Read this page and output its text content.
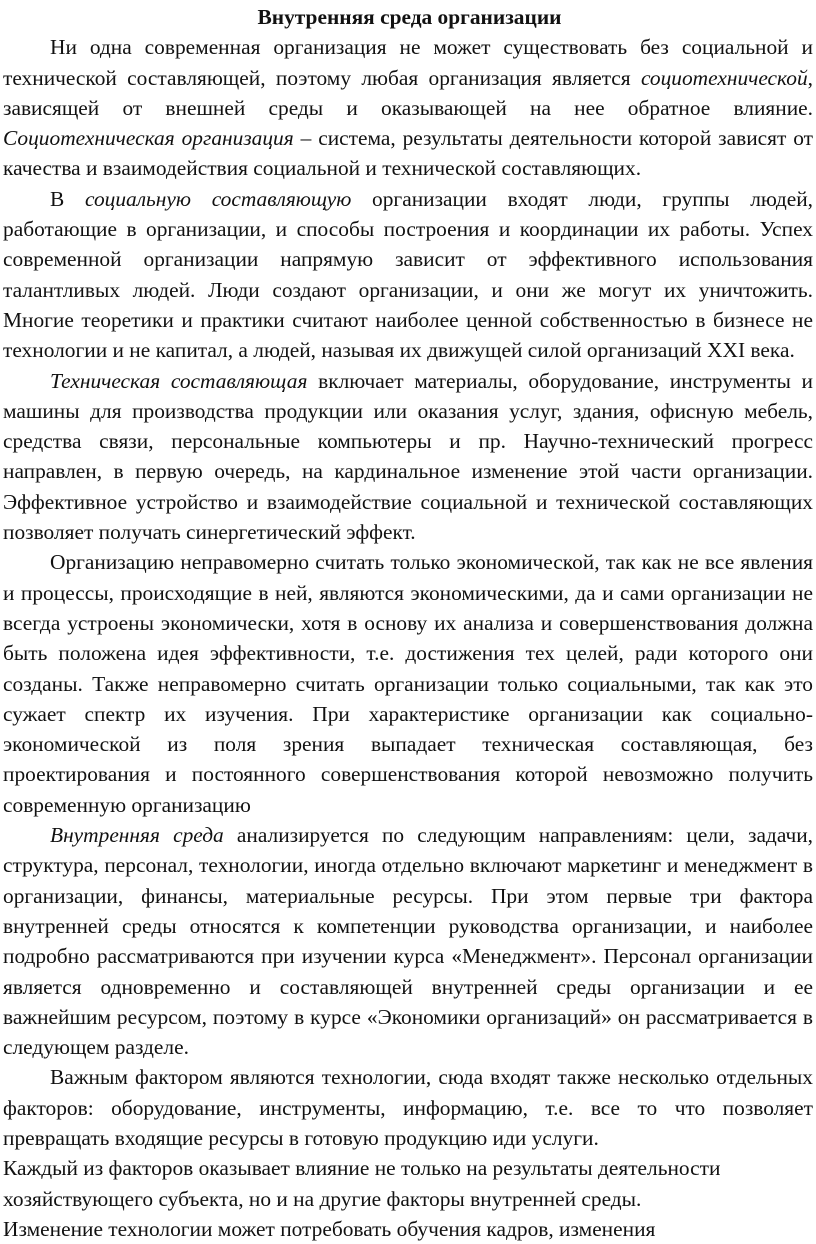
Внутренняя среда организации

Ни одна современная организация не может существовать без социальной и технической составляющей, поэтому любая организация является социотехнической, зависящей от внешней среды и оказывающей на нее обратное влияние. Социотехническая организация – система, результаты деятельности которой зависят от качества и взаимодействия социальной и технической составляющих.

В социальную составляющую организации входят люди, группы людей, работающие в организации, и способы построения и координации их работы. Успех современной организации напрямую зависит от эффективного использования талантливых людей. Люди создают организации, и они же могут их уничтожить. Многие теоретики и практики считают наиболее ценной собственностью в бизнесе не технологии и не капитал, а людей, называя их движущей силой организаций XXI века.

Техническая составляющая включает материалы, оборудование, инструменты и машины для производства продукции или оказания услуг, здания, офисную мебель, средства связи, персональные компьютеры и пр. Научно-технический прогресс направлен, в первую очередь, на кардинальное изменение этой части организации. Эффективное устройство и взаимодействие социальной и технической составляющих позволяет получать синергетический эффект.

Организацию неправомерно считать только экономической, так как не все явления и процессы, происходящие в ней, являются экономическими, да и сами организации не всегда устроены экономически, хотя в основу их анализа и совершенствования должна быть положена идея эффективности, т.е. достижения тех целей, ради которого они созданы. Также неправомерно считать организации только социальными, так как это сужает спектр их изучения. При характеристике организации как социально-экономической из поля зрения выпадает техническая составляющая, без проектирования и постоянного совершенствования которой невозможно получить современную организацию

Внутренняя среда анализируется по следующим направлениям: цели, задачи, структура, персонал, технологии, иногда отдельно включают маркетинг и менеджмент в организации, финансы, материальные ресурсы. При этом первые три фактора внутренней среды относятся к компетенции руководства организации, и наиболее подробно рассматриваются при изучении курса «Менеджмент». Персонал организации является одновременно и составляющей внутренней среды организации и ее важнейшим ресурсом, поэтому в курсе «Экономики организаций» он рассматривается в следующем разделе.

Важным фактором являются технологии, сюда входят также несколько отдельных факторов: оборудование, инструменты, информацию, т.е. все то что позволяет превращать входящие ресурсы в готовую продукцию иди услуги.

Каждый из факторов оказывает влияние не только на результаты деятельности хозяйствующего субъекта, но и на другие факторы внутренней среды.

Изменение технологии может потребовать обучения кадров, изменения
